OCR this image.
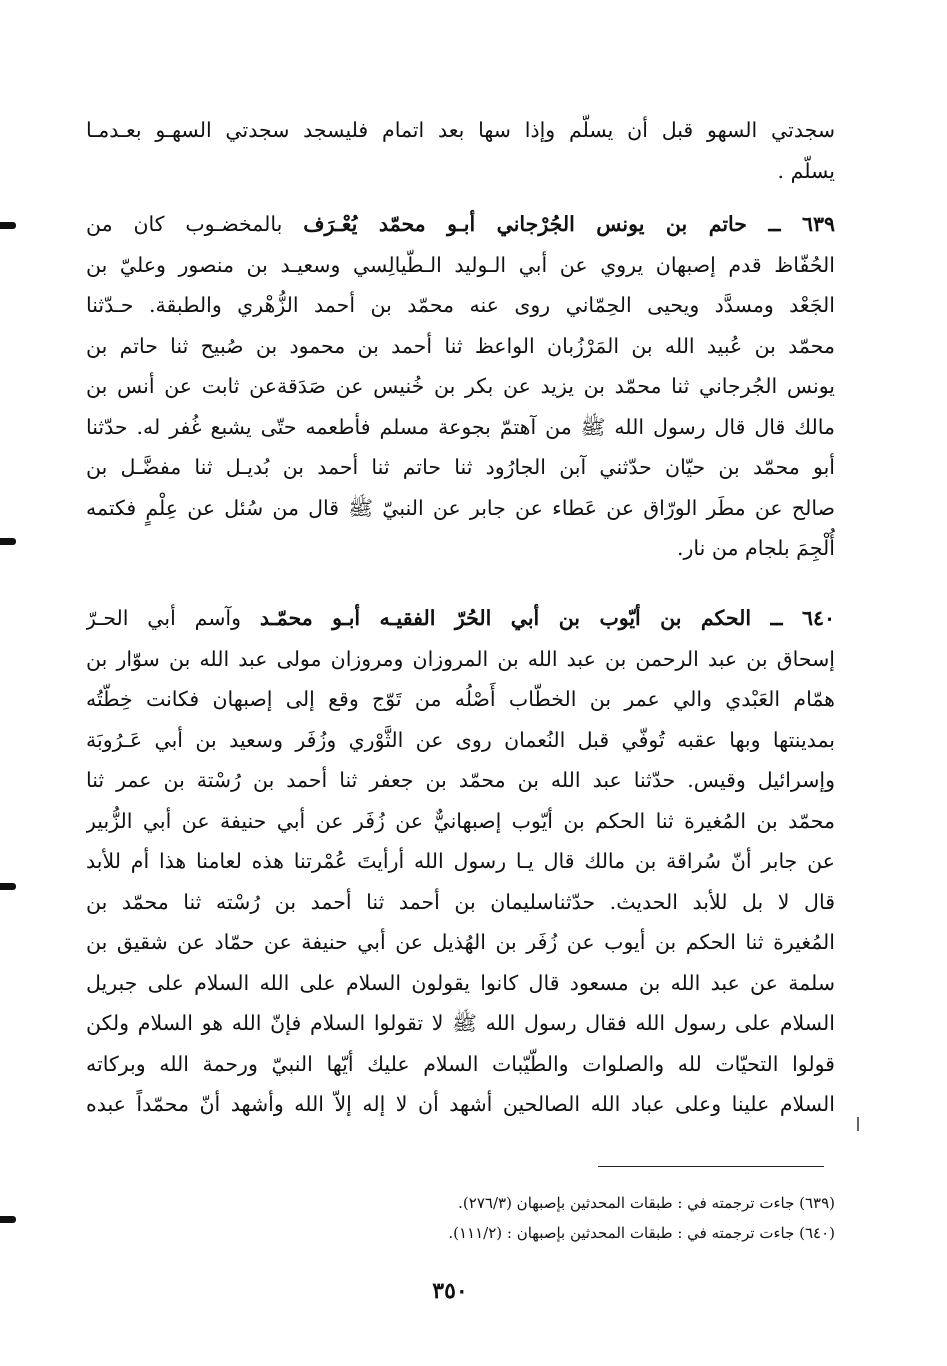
سجدتي السهو قبل أن يسلّم وإذا سها بعد اتمام فليسجد سجدتي السهـو بعـدمـا
يسلّم .
٦٣٩ ــ حاتم بن يونس الجُرْجاني أبـو محمّد يُعْـرَف بالمخضـوب كان من
الحُفّاظ قدم إصبهان يروي عن أبي الـوليد الـطّيالِسي وسعيـد بن منصور وعليّ بن
الجَعْد ومسدَّد ويحيى الحِمّاني روى عنه محمّد بن أحمد الزُّهْري والطبقة. حـدّثنا
محمّد بن عُبيد الله بن المَرْزُبان الواعظ ثنا أحمد بن محمود بن صُبيح ثنا حاتم بن
يونس الجُرجاني ثنا محمّد بن يزيد عن بكر بن خُنيس عن صَدَقةعن ثابت عن أنس بن
مالك قال قال رسول الله ﷺ من آهتمّ بجوعة مسلم فأطعمه حتّى يشبع غُفر له. حدّثنا
أبو محمّد بن حيّان حدّثني آبن الجارُود ثنا حاتم ثنا أحمد بن بُديـل ثنا مفضَّـل بن
صالح عن مطَر الورّاق عن عَطاء عن جابر عن النبيّ ﷺ قال من سُئل عن عِلْمٍ فكتمه
أُلْجِمَ بلجام من نار.
٦٤٠ ــ الحكم بن أيّوب بن أبي الحُرّ الفقيـه أبـو محمّـد وآسم أبي الحـرّ
إسحاق بن عبد الرحمن بن عبد الله بن المروزان ومروزان مولى عبد الله بن سوّار بن
همّام العَبْدي والي عمر بن الخطّاب أَصْلُه من تَوّج وقع إلى إصبهان فكانت خِطّتُه
بمدينتها وبها عقبه تُوفّي قبل النُعمان روى عن الثَّوْري وزُفَر وسعيد بن أبي عَـرُوبَة
وإسرائيل وقيس. حدّثنا عبد الله بن محمّد بن جعفر ثنا أحمد بن رُسْتة بن عمر ثنا
محمّد بن المُغيرة ثنا الحكم بن أيّوب إصبهانيٌّ عن زُفَر عن أبي حنيفة عن أبي الزُّبير
عن جابر أنّ سُراقة بن مالك قال يـا رسول الله أرأيتَ عُمْرتنا هذه لعامنا هذا أم للأبد
قال لا بل للأبد الحديث. حدّثناسليمان بن أحمد ثنا أحمد بن رُسْته ثنا محمّد بن
المُغيرة ثنا الحكم بن أيوب عن زُفَر بن الهُذيل عن أبي حنيفة عن حمّاد عن شقيق بن
سلمة عن عبد الله بن مسعود قال كانوا يقولون السلام على الله السلام على جبريل
السلام على رسول الله فقال رسول الله ﷺ لا تقولوا السلام فإنّ الله هو السلام ولكن
قولوا التحيّات لله والصلوات والطّيّبات السلام عليك أيّها النبيّ ورحمة الله وبركاته
السلام علينا وعلى عباد الله الصالحين أشهد أن لا إله إلاّ الله وأشهد أنّ محمّداً عبده
(٦٣٩) جاءت ترجمته في : طبقات المحدثين بإصبهان (٢٧٦/٣).
(٦٤٠) جاءت ترجمته في : طبقات المحدثين بإصبهان : (١١١/٢).
٣٥٠
